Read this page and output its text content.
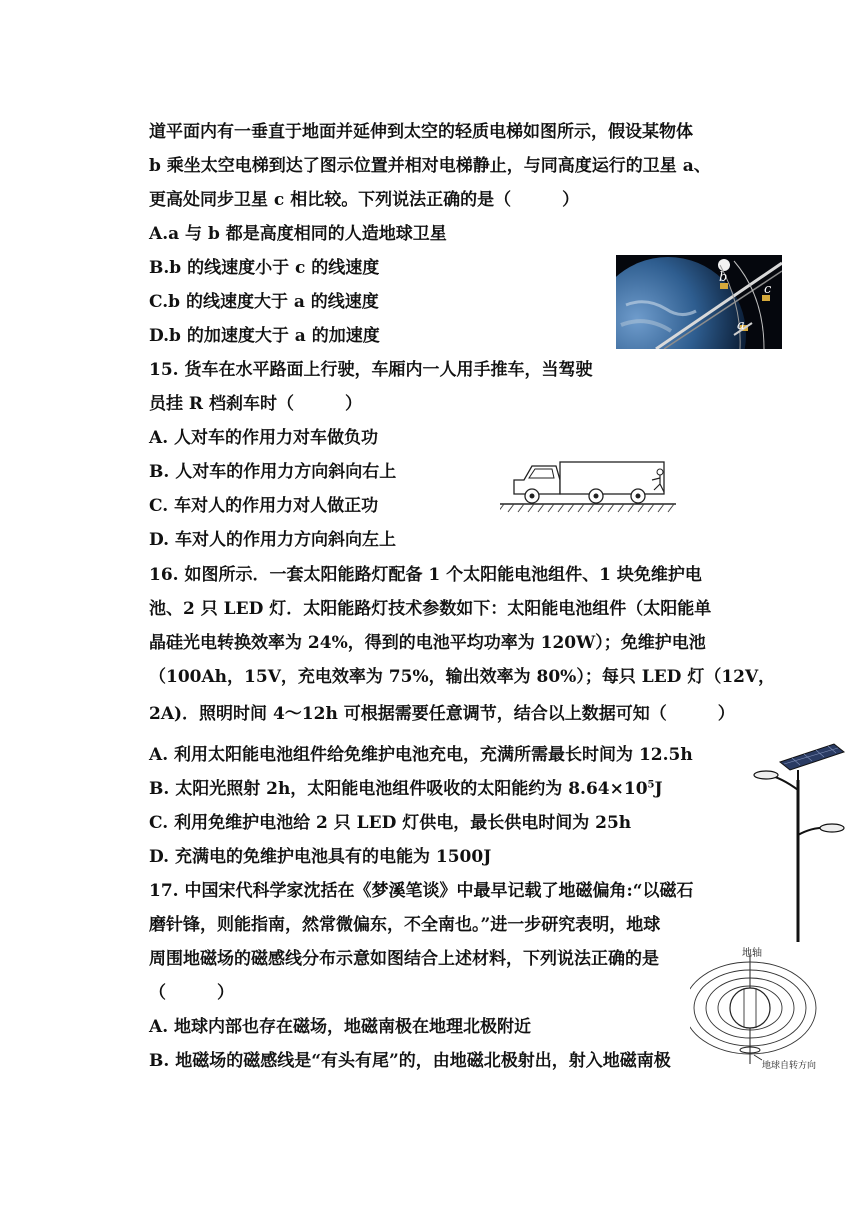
道平面内有一垂直于地面并延伸到太空的轻质电梯如图所示，假设某物体
b 乘坐太空电梯到达了图示位置并相对电梯静止，与同高度运行的卫星 a、
更高处同步卫星 c 相比较。下列说法正确的是（　　　）
A.a 与 b 都是高度相同的人造地球卫星
B.b 的线速度小于 c 的线速度
C.b 的线速度大于 a 的线速度
D.b 的加速度大于 a 的加速度
15. 货车在水平路面上行驶，车厢内一人用手推车，当驾驶
员挂 R 档刹车时（　　　）
A. 人对车的作用力对车做负功
B. 人对车的作用力方向斜向右上
C. 车对人的作用力对人做正功
D. 车对人的作用力方向斜向左上
16. 如图所示．一套太阳能路灯配备 1 个太阳能电池组件、1 块免维护电
池、2 只 LED 灯．太阳能路灯技术参数如下：太阳能电池组件（太阳能单
晶硅光电转换效率为 24%，得到的电池平均功率为 120W）；免维护电池
（100Ah，15V，充电效率为 75%，输出效率为 80%）；每只 LED 灯（12V，
2A)．照明时间 4～12h 可根据需要任意调节，结合以上数据可知（　　　）
A. 利用太阳能电池组件给免维护电池充电，充满所需最长时间为 12.5h
B. 太阳光照射 2h，太阳能电池组件吸收的太阳能约为 $8.64\times 10^5J$
C. 利用免维护电池给 2 只 LED 灯供电，最长供电时间为 25h
D. 充满电的免维护电池具有的电能为 1500J
17. 中国宋代科学家沈括在《梦溪笔谈》中最早记载了地磁偏角:“以磁石
磨针锋，则能指南，然常微偏东，不全南也。”进一步研究表明，地球
周围地磁场的磁感线分布示意如图结合上述材料，下列说法正确的是
（　　　）
A. 地球内部也存在磁场，地磁南极在地理北极附近
B. 地磁场的磁感线是“有头有尾”的，由地磁北极射出，射入地磁南极
b
c
a
地轴
地球自转方向
